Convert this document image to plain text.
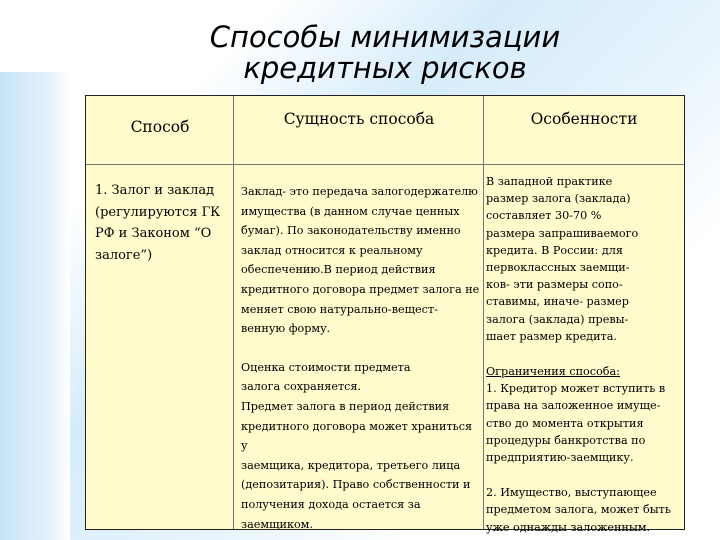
Способы минимизации
кредитных рисков
Способ	Сущность способа	Особенности
1. Залог и заклад
(регулируются ГК
РФ и Законом “О
залоге”)
Заклад- это передача залогодержателю
имущества (в данном случае ценных
бумаг). По законодательству именно
заклад относится к реальному
обеспечению.В период действия
кредитного договора предмет залога не
меняет свою натурально-вещест-
венную форму.
Оценка стоимости предмета
залога сохраняется.
Предмет залога в период действия
кредитного договора может храниться у
заемщика, кредитора, третьего лица
(депозитария). Право собственности и
получения дохода остается за
заемщиком.
В западной практике
размер залога (заклада)
составляет 30-70 %
размера запрашиваемого
кредита. В России: для
первоклассных заемщи-
ков- эти размеры сопо-
ставимы, иначе- размер
залога (заклада) превы-
шает размер кредита.
Ограничения способа:
1. Кредитор может вступить в
права на заложенное имуще-
ство до момента открытия
процедуры банкротства по
предприятию-заемщику.
2. Имущество, выступающее
предметом залога, может быть
уже однажды заложенным.
